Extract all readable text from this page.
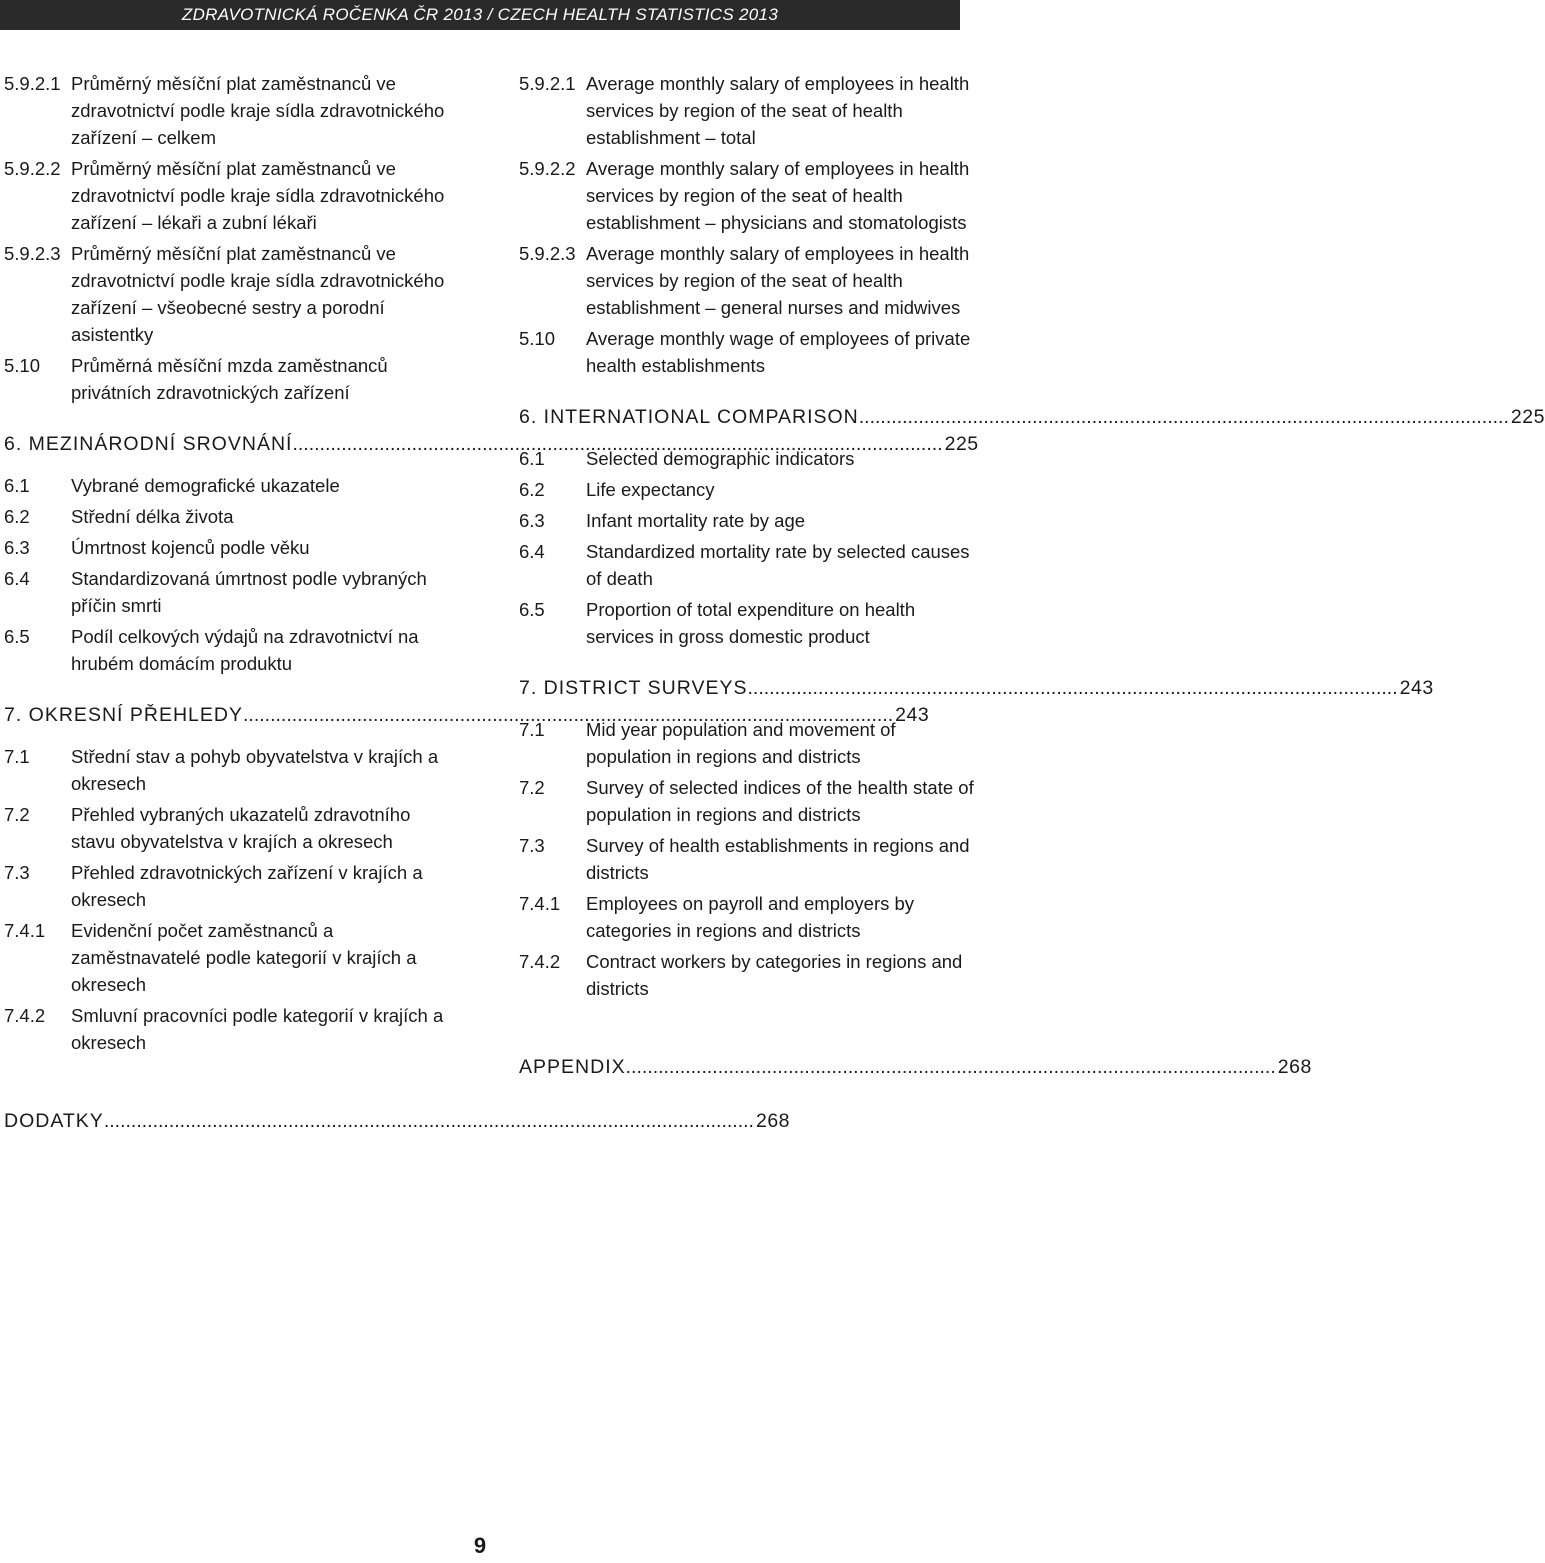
ZDRAVOTNICKÁ ROČENKA ČR 2013 / CZECH HEALTH STATISTICS 2013
5.9.2.1 Průměrný měsíční plat zaměstnanců ve zdravotnictví podle kraje sídla zdravotnického zařízení – celkem
5.9.2.2 Průměrný měsíční plat zaměstnanců ve zdravotnictví podle kraje sídla zdravotnického zařízení – lékaři a zubní lékaři
5.9.2.3 Průměrný měsíční plat zaměstnanců ve zdravotnictví podle kraje sídla zdravotnického zařízení – všeobecné sestry a porodní asistentky
5.10	Průměrná měsíční mzda zaměstnanců privátních zdravotnických zařízení
6. MEZINÁRODNÍ SROVNÁNÍ .....	225
6.1	Vybrané demografické ukazatele
6.2	Střední délka života
6.3	Úmrtnost kojenců podle věku
6.4	Standardizovaná úmrtnost podle vybraných příčin smrti
6.5	Podíl celkových výdajů na zdravotnictví na hrubém domácím produktu
7. OKRESNÍ PŘEHLEDY .....	243
7.1	Střední stav a pohyb obyvatelstva v krajích a okresech
7.2	Přehled vybraných ukazatelů zdravotního stavu obyvatelstva v krajích a okresech
7.3	Přehled zdravotnických zařízení v krajích a okresech
7.4.1	Evidenční počet zaměstnanců a zaměstnavatelé podle kategorií v krajích a okresech
7.4.2	Smluvní pracovníci podle kategorií v krajích a okresech
DODATKY .....	268
5.9.2.1 Average monthly salary of employees in health services by region of the seat of health establishment – total
5.9.2.2 Average monthly salary of employees in health services by region of the seat of health establishment – physicians and stomatologists
5.9.2.3 Average monthly salary of employees in health services by region of the seat of health establishment – general nurses and midwives
5.10	Average monthly wage of employees of private health establishments
6. INTERNATIONAL COMPARISON .....	225
6.1	Selected demographic indicators
6.2	Life expectancy
6.3	Infant mortality rate by age
6.4	Standardized mortality rate by selected causes of death
6.5	Proportion of total expenditure on health services in gross domestic product
7. DISTRICT SURVEYS .....	243
7.1	Mid year population and movement of population in regions and districts
7.2	Survey of selected indices of the health state of population in regions and districts
7.3	Survey of health establishments in regions and districts
7.4.1	Employees on payroll and employers by categories in regions and districts
7.4.2	Contract workers by categories in regions and districts
APPENDIX .....	268
9
